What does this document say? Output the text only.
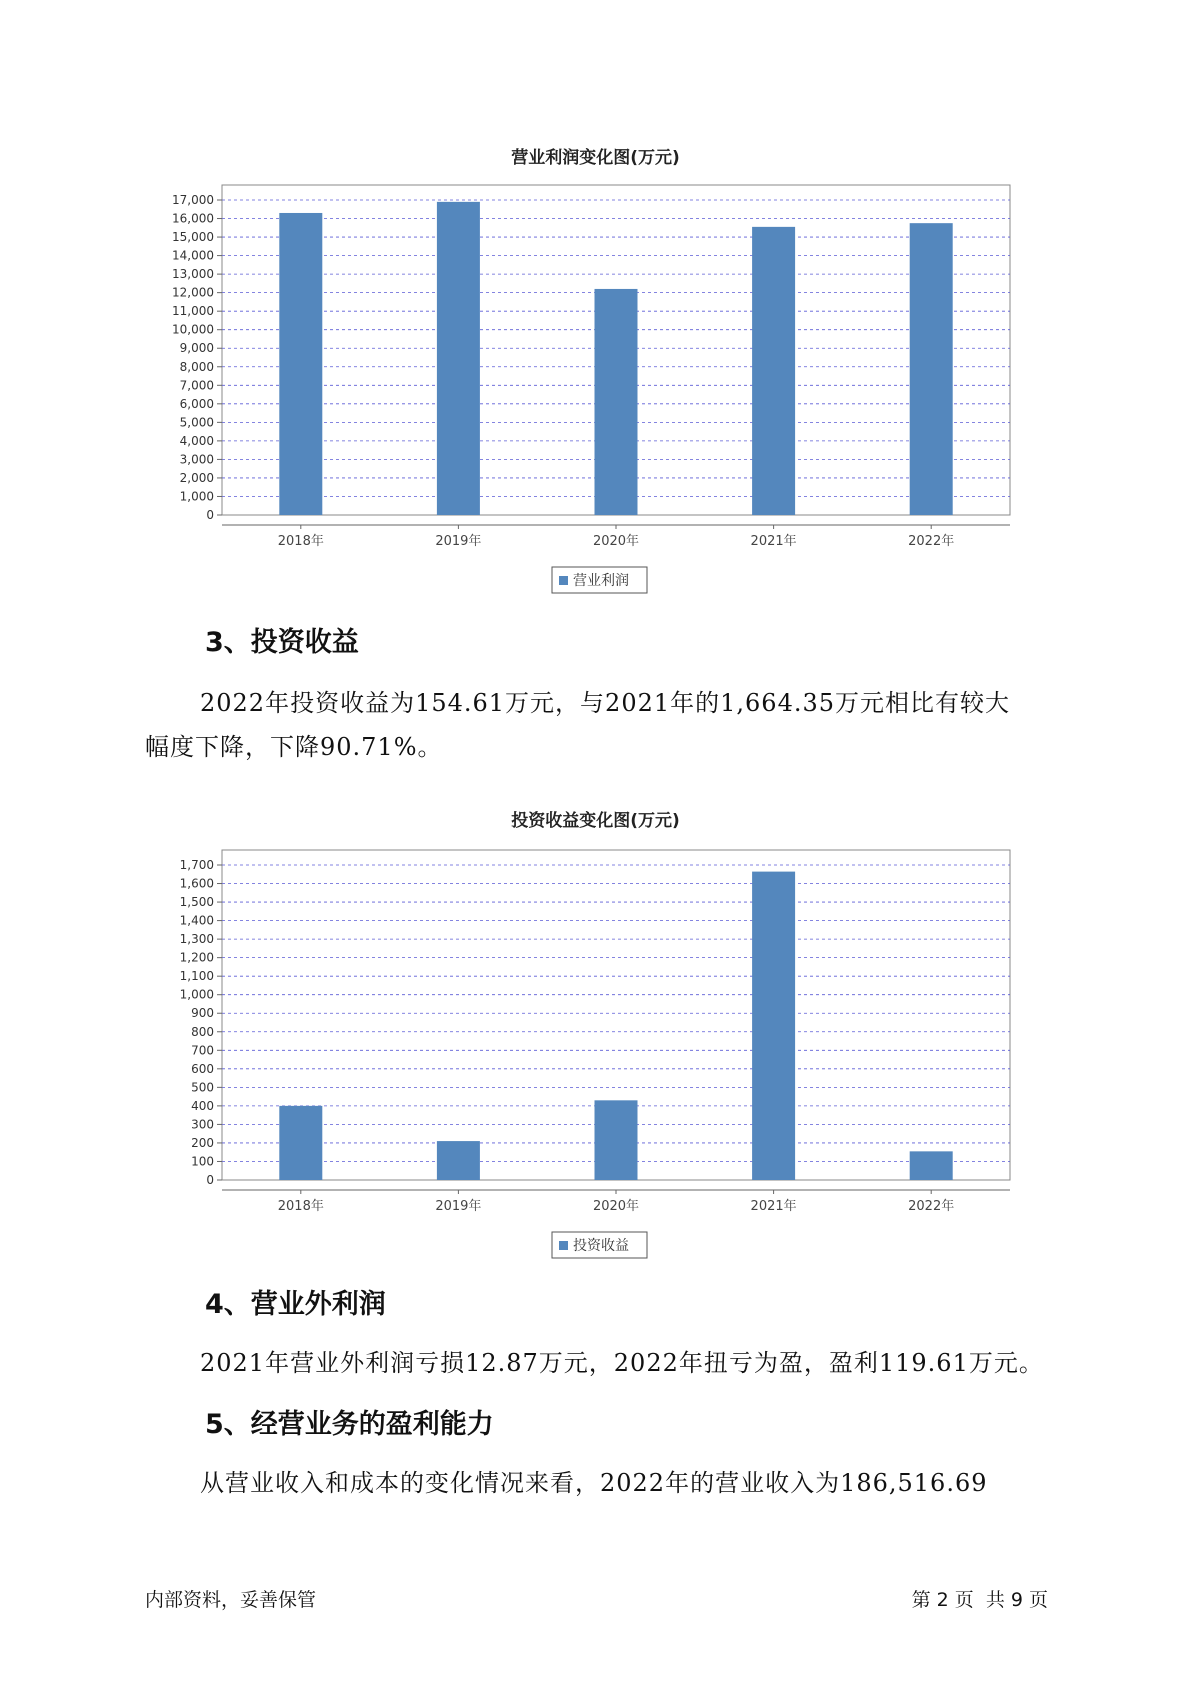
营业利润变化图(万元)
0
1,000
2,000
3,000
4,000
5,000
6,000
7,000
8,000
9,000
10,000
11,000
12,000
13,000
14,000
15,000
16,000
17,000
2018年	2019年	2020年	2021年	2022年
营业利润
3、投资收益
2022年投资收益为154.61万元，与2021年的1,664.35万元相比有较大
幅度下降，下降90.71%。
投资收益变化图(万元)
0
100
200
300
400
500
600
700
800
900
1,000
1,100
1,200
1,300
1,400
1,500
1,600
1,700
2018年	2019年	2020年	2021年	2022年
投资收益
4、营业外利润
2021年营业外利润亏损12.87万元，2022年扭亏为盈，盈利119.61万元。
5、经营业务的盈利能力
从营业收入和成本的变化情况来看，2022年的营业收入为186,516.69
内部资料，妥善保管	第 2 页  共 9 页
